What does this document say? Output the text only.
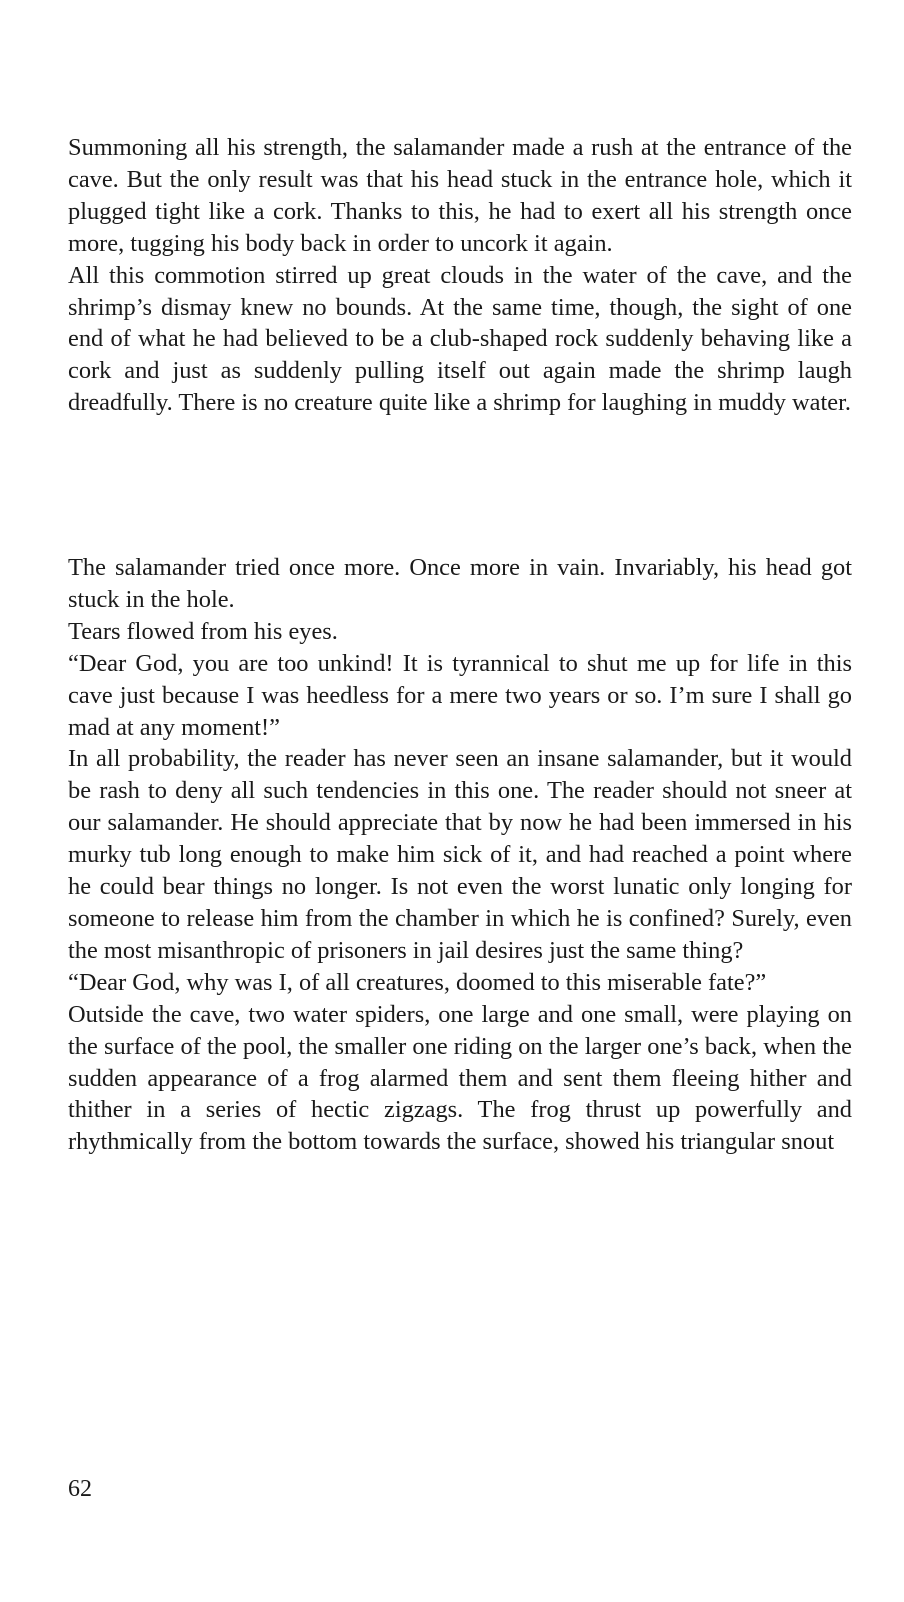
Summoning all his strength, the salamander made a rush at the entrance of the cave. But the only result was that his head stuck in the entrance hole, which it plugged tight like a cork. Thanks to this, he had to exert all his strength once more, tugging his body back in order to uncork it again.

All this commotion stirred up great clouds in the water of the cave, and the shrimp’s dismay knew no bounds. At the same time, though, the sight of one end of what he had believed to be a club-shaped rock suddenly behaving like a cork and just as suddenly pulling itself out again made the shrimp laugh dreadfully. There is no creature quite like a shrimp for laughing in muddy water.

The salamander tried once more. Once more in vain. Invariably, his head got stuck in the hole.

Tears flowed from his eyes.

“Dear God, you are too unkind! It is tyrannical to shut me up for life in this cave just because I was heedless for a mere two years or so. I’m sure I shall go mad at any moment!”

In all probability, the reader has never seen an insane salamander, but it would be rash to deny all such tendencies in this one. The reader should not sneer at our salamander. He should appreciate that by now he had been immersed in his murky tub long enough to make him sick of it, and had reached a point where he could bear things no longer. Is not even the worst lunatic only longing for someone to release him from the chamber in which he is confined? Surely, even the most misanthropic of prisoners in jail desires just the same thing?

“Dear God, why was I, of all creatures, doomed to this miserable fate?”

Outside the cave, two water spiders, one large and one small, were playing on the surface of the pool, the smaller one riding on the larger one’s back, when the sudden appearance of a frog alarmed them and sent them fleeing hither and thither in a series of hectic zigzags. The frog thrust up powerfully and rhythmically from the bottom towards the surface, showed his triangular snout

62
